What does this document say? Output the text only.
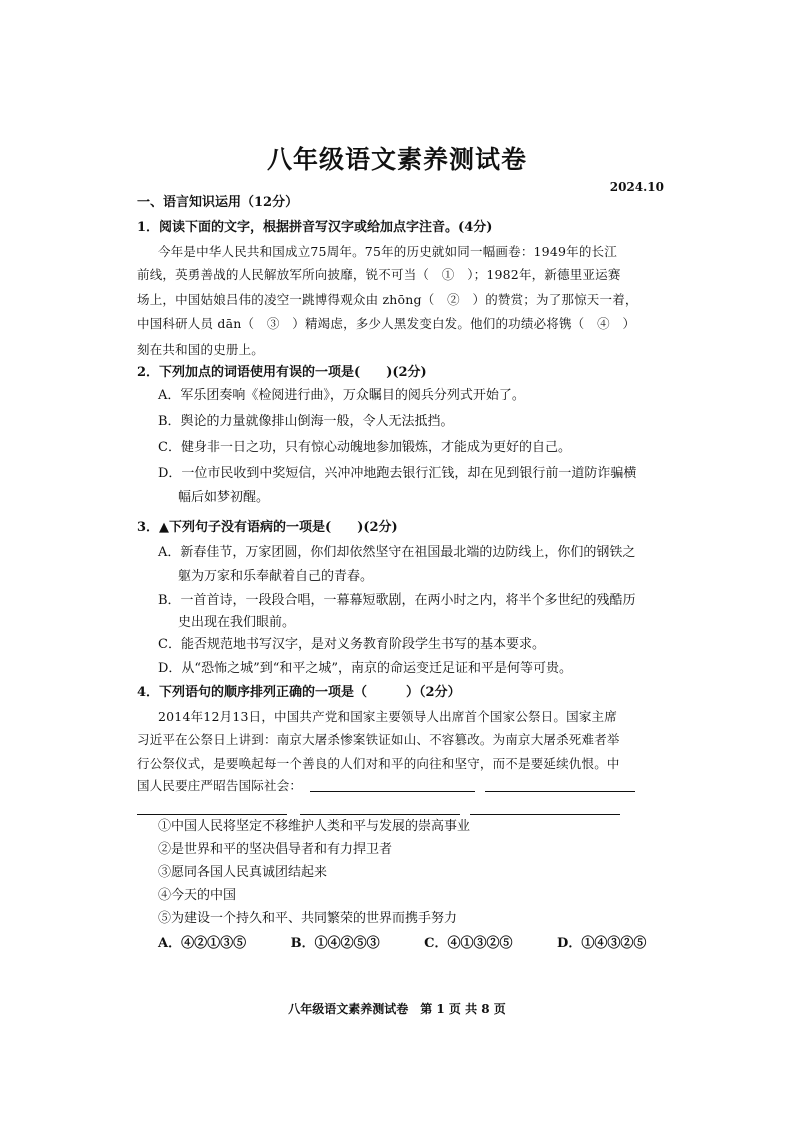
八年级语文素养测试卷
2024.10
一、语言知识运用（12分）
1．阅读下面的文字，根据拼音写汉字或给加点字注音。(4分)
今年是中华人民共和国成立75周年。75年的历史就如同一幅画卷：1949年的长江
前线，英勇善战的人民解放军所向披靡，锐不可当（　①　）；1982年，新德里亚运赛
场上，中国姑娘吕伟的凌空一跳博得观众由 zhōng（　②　）的赞赏；为了那惊天一着，
中国科研人员 dān（　③　）精竭虑，多少人黑发变白发。他们的功绩必将镌（　④　）
刻在共和国的史册上。
2．下列加点的词语使用有误的一项是(　　)(2分)
A．军乐团奏响《检阅进行曲》，万众瞩目的阅兵分列式开始了。
B．舆论的力量就像排山倒海一般，令人无法抵挡。
C．健身非一日之功，只有惊心动魄地参加锻炼，才能成为更好的自己。
D．一位市民收到中奖短信，兴冲冲地跑去银行汇钱，却在见到银行前一道防诈骗横
幅后如梦初醒。
3．▲下列句子没有语病的一项是(　　)(2分)
A．新春佳节，万家团圆，你们却依然坚守在祖国最北端的边防线上，你们的钢铁之
躯为万家和乐奉献着自己的青春。
B．一首首诗，一段段合唱，一幕幕短歌剧，在两小时之内，将半个多世纪的残酷历
史出现在我们眼前。
C．能否规范地书写汉字，是对义务教育阶段学生书写的基本要求。
D．从“恐怖之城”到“和平之城”，南京的命运变迁足证和平是何等可贵。
4．下列语句的顺序排列正确的一项是（　　　）（2分）
2014年12月13日，中国共产党和国家主要领导人出席首个国家公祭日。国家主席
习近平在公祭日上讲到：南京大屠杀惨案铁证如山、不容篡改。为南京大屠杀死难者举
行公祭仪式，是要唤起每一个善良的人们对和平的向往和坚守，而不是要延续仇恨。中
国人民要庄严昭告国际社会：
①中国人民将坚定不移维护人类和平与发展的崇高事业
②是世界和平的坚决倡导者和有力捍卫者
③愿同各国人民真诚团结起来
④今天的中国
⑤为建设一个持久和平、共同繁荣的世界而携手努力
A．④②①③⑤	B．①④②⑤③	C．④①③②⑤	D．①④③②⑤
八年级语文素养测试卷　第 1 页 共 8 页
